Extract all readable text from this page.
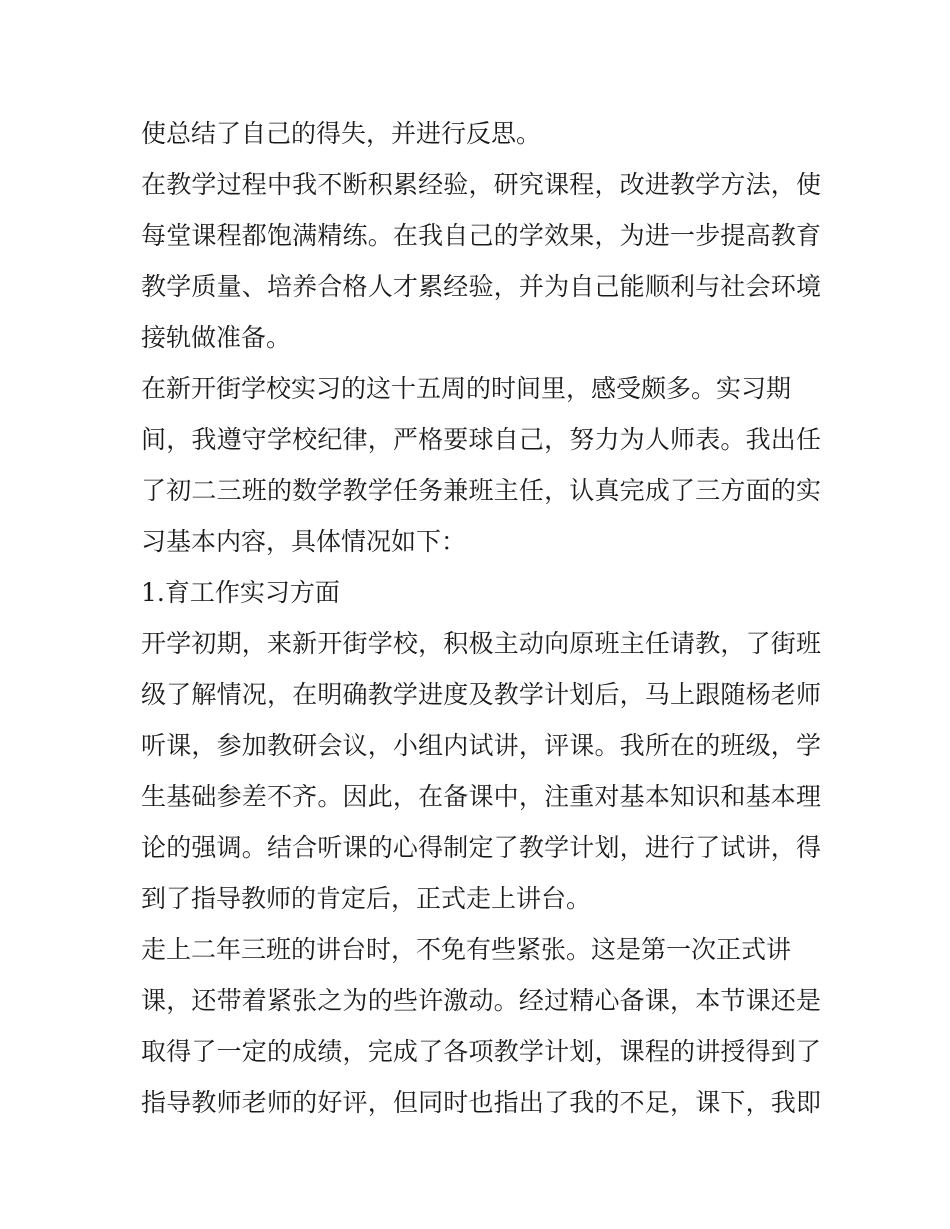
使总结了自己的得失，并进行反思。
在教学过程中我不断积累经验，研究课程，改进教学方法，使
每堂课程都饱满精练。在我自己的学效果，为进一步提高教育
教学质量、培养合格人才累经验，并为自己能顺利与社会环境
接轨做准备。
在新开街学校实习的这十五周的时间里，感受颇多。实习期
间，我遵守学校纪律，严格要球自己，努力为人师表。我出任
了初二三班的数学教学任务兼班主任，认真完成了三方面的实
习基本内容，具体情况如下：
1.育工作实习方面
开学初期，来新开街学校，积极主动向原班主任请教，了街班
级了解情况，在明确教学进度及教学计划后，马上跟随杨老师
听课，参加教研会议，小组内试讲，评课。我所在的班级，学
生基础参差不齐。因此，在备课中，注重对基本知识和基本理
论的强调。结合听课的心得制定了教学计划，进行了试讲，得
到了指导教师的肯定后，正式走上讲台。
走上二年三班的讲台时，不免有些紧张。这是第一次正式讲
课，还带着紧张之为的些许激动。经过精心备课，本节课还是
取得了一定的成绩，完成了各项教学计划，课程的讲授得到了
指导教师老师的好评，但同时也指出了我的不足，课下，我即
